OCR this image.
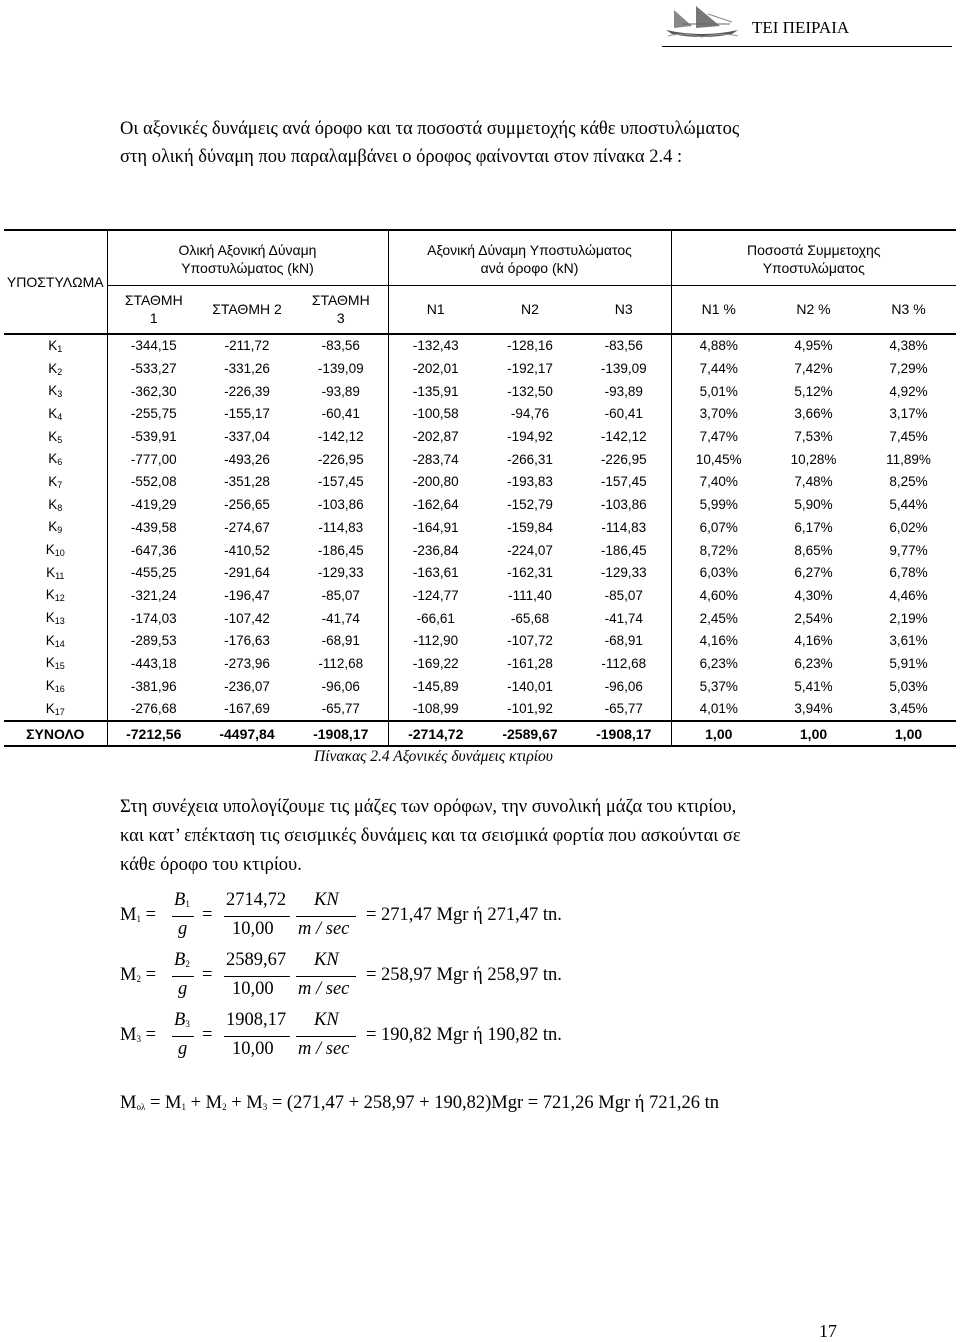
ΤΕΙ ΠΕΙΡΑΙΑ
Οι αξονικές δυνάμεις ανά όροφο και τα ποσοστά συμμετοχής κάθε υποστυλώματος
στη ολική δύναμη που παραλαμβάνει ο όροφος φαίνονται στον πίνακα 2.4 :
ΥΠΟΣΤΥΛΩΜΑ	Ολική Αξονική Δύναμη Υποστυλώματος (kN)			Αξονική Δύναμη Υποστυλώματος ανά όροφο (kN)			Ποσοστά Συμμετοχης Υποστυλώματος		
	ΣΤΑΘΜΗ 1	ΣΤΑΘΜΗ 2	ΣΤΑΘΜΗ 3	Ν1	Ν2	Ν3	Ν1 %	Ν2 %	Ν3 %
$K_1$	-344,15	-211,72	-83,56	-132,43	-128,16	-83,56	4,88%	4,95%	4,38%
$K_2$	-533,27	-331,26	-139,09	-202,01	-192,17	-139,09	7,44%	7,42%	7,29%
$K_3$	-362,30	-226,39	-93,89	-135,91	-132,50	-93,89	5,01%	5,12%	4,92%
$K_4$	-255,75	-155,17	-60,41	-100,58	-94,76	-60,41	3,70%	3,66%	3,17%
$K_5$	-539,91	-337,04	-142,12	-202,87	-194,92	-142,12	7,47%	7,53%	7,45%
$K_6$	-777,00	-493,26	-226,95	-283,74	-266,31	-226,95	10,45%	10,28%	11,89%
$K_7$	-552,08	-351,28	-157,45	-200,80	-193,83	-157,45	7,40%	7,48%	8,25%
$K_8$	-419,29	-256,65	-103,86	-162,64	-152,79	-103,86	5,99%	5,90%	5,44%
$K_9$	-439,58	-274,67	-114,83	-164,91	-159,84	-114,83	6,07%	6,17%	6,02%
$K_{10}$	-647,36	-410,52	-186,45	-236,84	-224,07	-186,45	8,72%	8,65%	9,77%
$K_{11}$	-455,25	-291,64	-129,33	-163,61	-162,31	-129,33	6,03%	6,27%	6,78%
$K_{12}$	-321,24	-196,47	-85,07	-124,77	-111,40	-85,07	4,60%	4,30%	4,46%
$K_{13}$	-174,03	-107,42	-41,74	-66,61	-65,68	-41,74	2,45%	2,54%	2,19%
$K_{14}$	-289,53	-176,63	-68,91	-112,90	-107,72	-68,91	4,16%	4,16%	3,61%
$K_{15}$	-443,18	-273,96	-112,68	-169,22	-161,28	-112,68	6,23%	6,23%	5,91%
$K_{16}$	-381,96	-236,07	-96,06	-145,89	-140,01	-96,06	5,37%	5,41%	5,03%
$K_{17}$	-276,68	-167,69	-65,77	-108,99	-101,92	-65,77	4,01%	3,94%	3,45%
ΣΥΝΟΛΟ	-7212,56	-4497,84	-1908,17	-2714,72	-2589,67	-1908,17	1,00	1,00	1,00
Πίνακας 2.4 Αξονικές δυνάμεις κτιρίου
Στη συνέχεια υπολογίζουμε τις μάζες των ορόφων, την συνολική μάζα του κτιρίου,
και κατ’ επέκταση τις σεισμικές δυνάμεις και τα σεισμικά φορτία που ασκούνται σε
κάθε όροφο του κτιρίου.
$M_1$ =
$B_1$
g
=
2714,72
10,00
KN
m / sec
= 271,47 Mgr ή 271,47 tn.
$M_2$ =
$B_2$
g
=
2589,67
10,00
KN
m / sec
= 258,97 Mgr ή 258,97 tn.
$M_3$ =
$B_3$
g
=
1908,17
10,00
KN
m / sec
= 190,82 Mgr ή 190,82 tn.
$M_{o\lambda} = M_1 + M_2 + M_3 = (271,47 + 258,97 + 190,82)Mgr = 721,26$ Mgr ή 721,26 tn
17
